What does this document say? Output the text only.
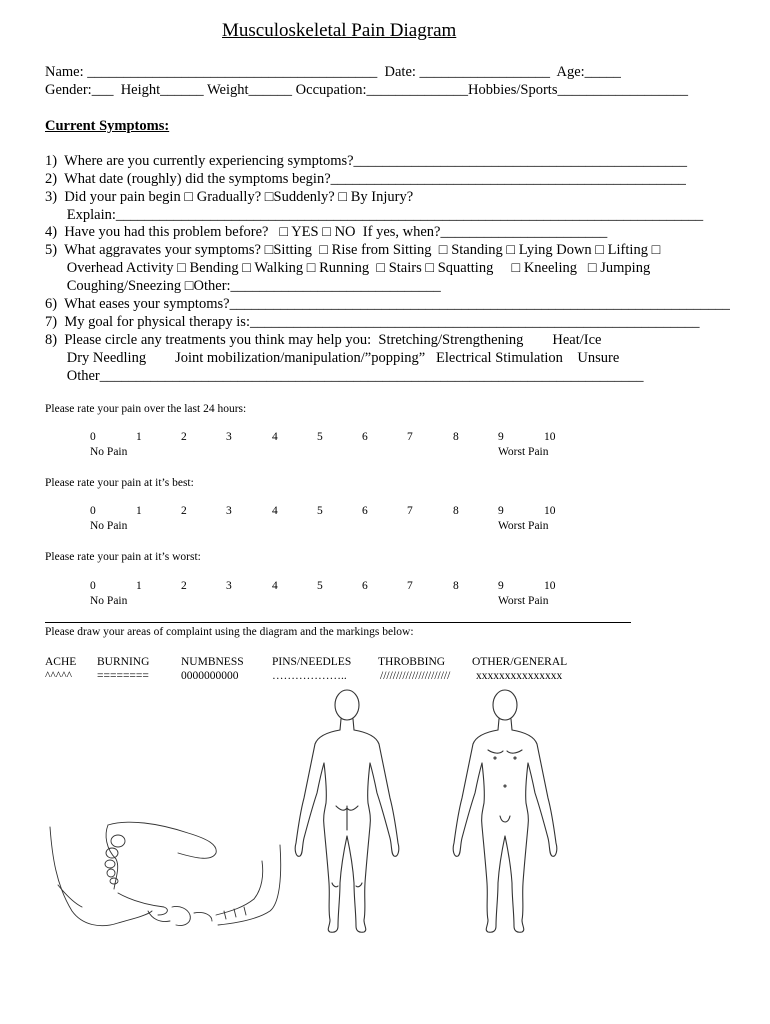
Musculoskeletal Pain Diagram
Name: ________________________________________  Date: __________________  Age:_____
Gender:___  Height______ Weight______ Occupation:______________Hobbies/Sports__________________
Current Symptoms:
1)  Where are you currently experiencing symptoms?______________________________________________
2)  What date (roughly) did the symptoms begin?_________________________________________________
3)  Did your pain begin □ Gradually? □Suddenly? □ By Injury?
Explain:_________________________________________________________________________________
4)  Have you had this problem before?   □ YES □ NO  If yes, when?_______________________
5)  What aggravates your symptoms? □Sitting  □ Rise from Sitting  □ Standing □ Lying Down □ Lifting □
Overhead Activity □ Bending □ Walking □ Running  □ Stairs □ Squatting     □ Kneeling   □ Jumping
Coughing/Sneezing □Other:_____________________________
6)  What eases your symptoms?_____________________________________________________________________
7)  My goal for physical therapy is:______________________________________________________________
8)  Please circle any treatments you think may help you:  Stretching/Strengthening        Heat/Ice
Dry Needling        Joint mobilization/manipulation/”popping”   Electrical Stimulation    Unsure
Other___________________________________________________________________________
Please rate your pain over the last 24 hours:
0	1	2	3	4	5	6	7	8	9	10
No Pain	Worst Pain
Please rate your pain at it’s best:
0	1	2	3	4	5	6	7	8	9	10
No Pain	Worst Pain
Please rate your pain at it’s worst:
0	1	2	3	4	5	6	7	8	9	10
No Pain	Worst Pain
Please draw your areas of complaint using the diagram and the markings below:
ACHE
^^^^^
BURNING
========
NUMBNESS
0000000000
PINS/NEEDLES
………………..
THROBBING
//////////////////////
OTHER/GENERAL
xxxxxxxxxxxxxxx
